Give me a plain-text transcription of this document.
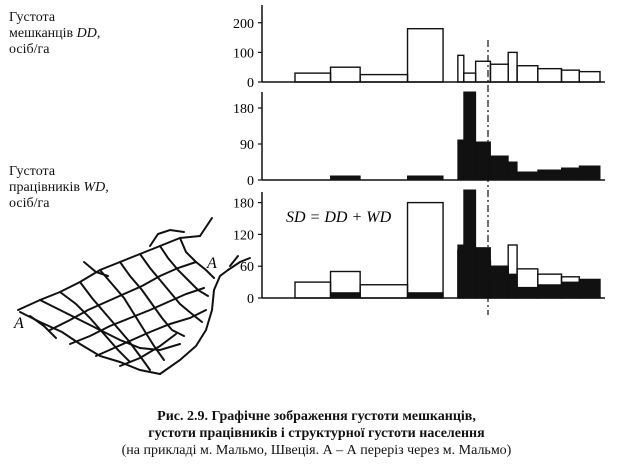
Густота
мешканців DD,
осіб/га
Густота
працівників WD,
осіб/га
0
100
200
0
90
180
0
60
120
180
A
A
SD = DD + WD
Рис. 2.9. Графічне зображення густоти мешканців,
густоти працівників і структурної густоти населення
(на прикладі м. Мальмо, Швеція. А – А переріз через м. Мальмо)
